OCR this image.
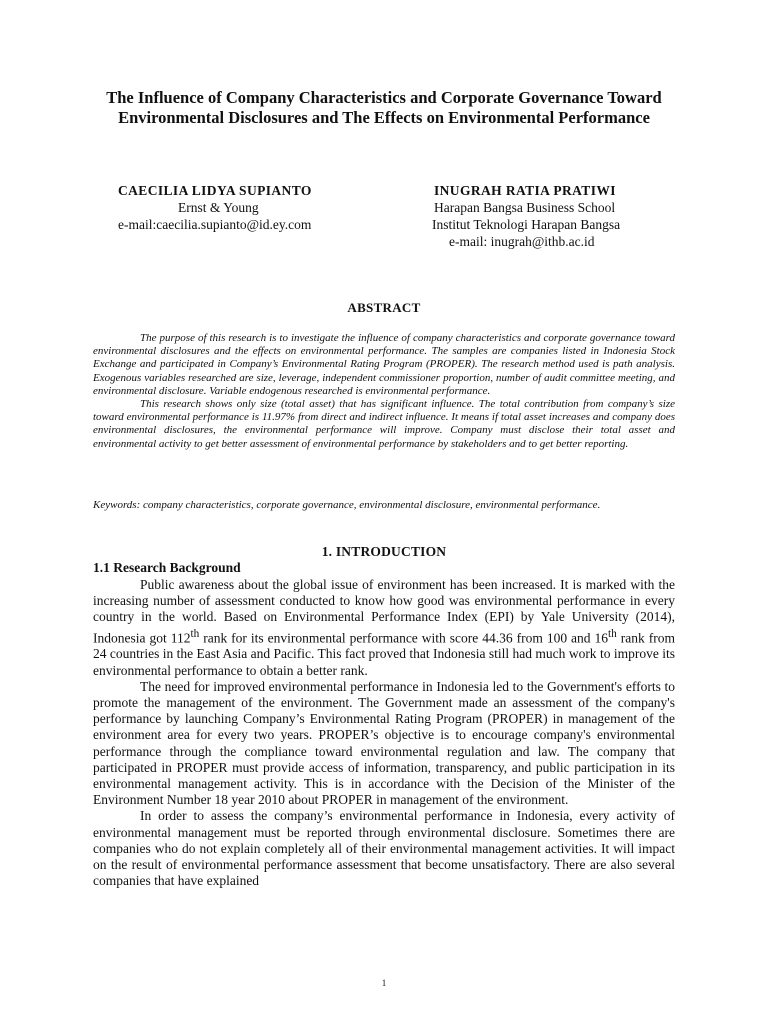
The Influence of Company Characteristics and Corporate Governance Toward Environmental Disclosures and The Effects on Environmental Performance
CAECILIA LIDYA SUPIANTO
Ernst & Young
e-mail:caecilia.supianto@id.ey.com
INUGRAH RATIA PRATIWI
Harapan Bangsa Business School
Institut Teknologi Harapan Bangsa
e-mail: inugrah@ithb.ac.id
ABSTRACT

The purpose of this research is to investigate the influence of company characteristics and corporate governance toward environmental disclosures and the effects on environmental performance. The samples are companies listed in Indonesia Stock Exchange and participated in Company’s Environmental Rating Program (PROPER). The research method used is path analysis. Exogenous variables researched are size, leverage, independent commissioner proportion, number of audit committee meeting, and environmental disclosure. Variable endogenous researched is environmental performance.

This research shows only size (total asset) that has significant influence. The total contribution from company’s size toward environmental performance is 11.97% from direct and indirect influence. It means if total asset increases and company does environmental disclosures, the environmental performance will improve. Company must disclose their total asset and environmental activity to get better assessment of environmental performance by stakeholders and to get better reporting.

Keywords: company characteristics, corporate governance, environmental disclosure, environmental performance.
1. INTRODUCTION
1.1 Research Background

Public awareness about the global issue of environment has been increased. It is marked with the increasing number of assessment conducted to know how good was environmental performance in every country in the world. Based on Environmental Performance Index (EPI) by Yale University (2014), Indonesia got 112th rank for its environmental performance with score 44.36 from 100 and 16th rank from 24 countries in the East Asia and Pacific. This fact proved that Indonesia still had much work to improve its environmental performance to obtain a better rank.

The need for improved environmental performance in Indonesia led to the Government's efforts to promote the management of the environment. The Government made an assessment of the company's performance by launching Company’s Environmental Rating Program (PROPER) in management of the environment area for every two years. PROPER’s objective is to encourage company's environmental performance through the compliance toward environmental regulation and law. The company that participated in PROPER must provide access of information, transparency, and public participation in its environmental management activity. This is in accordance with the Decision of the Minister of the Environment Number 18 year 2010 about PROPER in management of the environment.

In order to assess the company’s environmental performance in Indonesia, every activity of environmental management must be reported through environmental disclosure. Sometimes there are companies who do not explain completely all of their environmental management activities. It will impact on the result of environmental performance assessment that become unsatisfactory. There are also several companies that have explained

1
